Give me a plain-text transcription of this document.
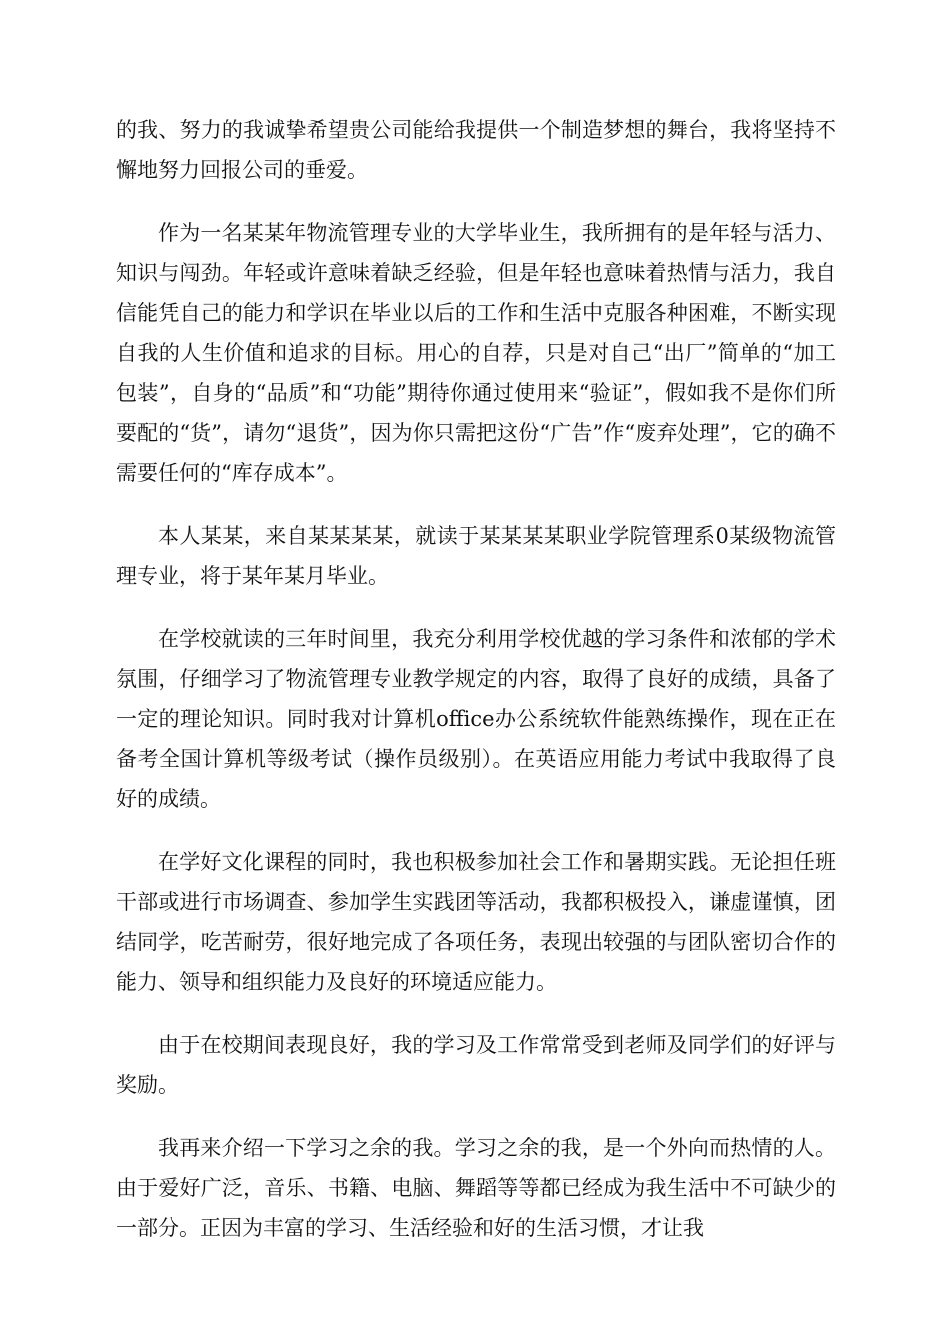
的我、努力的我诚挚希望贵公司能给我提供一个制造梦想的舞台，我将坚持不懈地努力回报公司的垂爱。

作为一名某某年物流管理专业的大学毕业生，我所拥有的是年轻与活力、知识与闯劲。年轻或许意味着缺乏经验，但是年轻也意味着热情与活力，我自信能凭自己的能力和学识在毕业以后的工作和生活中克服各种困难，不断实现自我的人生价值和追求的目标。用心的自荐，只是对自己“出厂”简单的“加工包装”，自身的“品质”和“功能”期待你通过使用来“验证”，假如我不是你们所要配的“货”，请勿“退货”，因为你只需把这份“广告”作“废弃处理”，它的确不需要任何的“库存成本”。

本人某某，来自某某某某，就读于某某某某职业学院管理系0某级物流管理专业，将于某年某月毕业。

在学校就读的三年时间里，我充分利用学校优越的学习条件和浓郁的学术氛围，仔细学习了物流管理专业教学规定的内容，取得了良好的成绩，具备了一定的理论知识。同时我对计算机office办公系统软件能熟练操作，现在正在备考全国计算机等级考试（操作员级别）。在英语应用能力考试中我取得了良好的成绩。

在学好文化课程的同时，我也积极参加社会工作和暑期实践。无论担任班干部或进行市场调查、参加学生实践团等活动，我都积极投入，谦虚谨慎，团结同学，吃苦耐劳，很好地完成了各项任务，表现出较强的与团队密切合作的能力、领导和组织能力及良好的环境适应能力。

由于在校期间表现良好，我的学习及工作常常受到老师及同学们的好评与奖励。

我再来介绍一下学习之余的我。学习之余的我，是一个外向而热情的人。由于爱好广泛，音乐、书籍、电脑、舞蹈等等都已经成为我生活中不可缺少的一部分。正因为丰富的学习、生活经验和好的生活习惯，才让我
